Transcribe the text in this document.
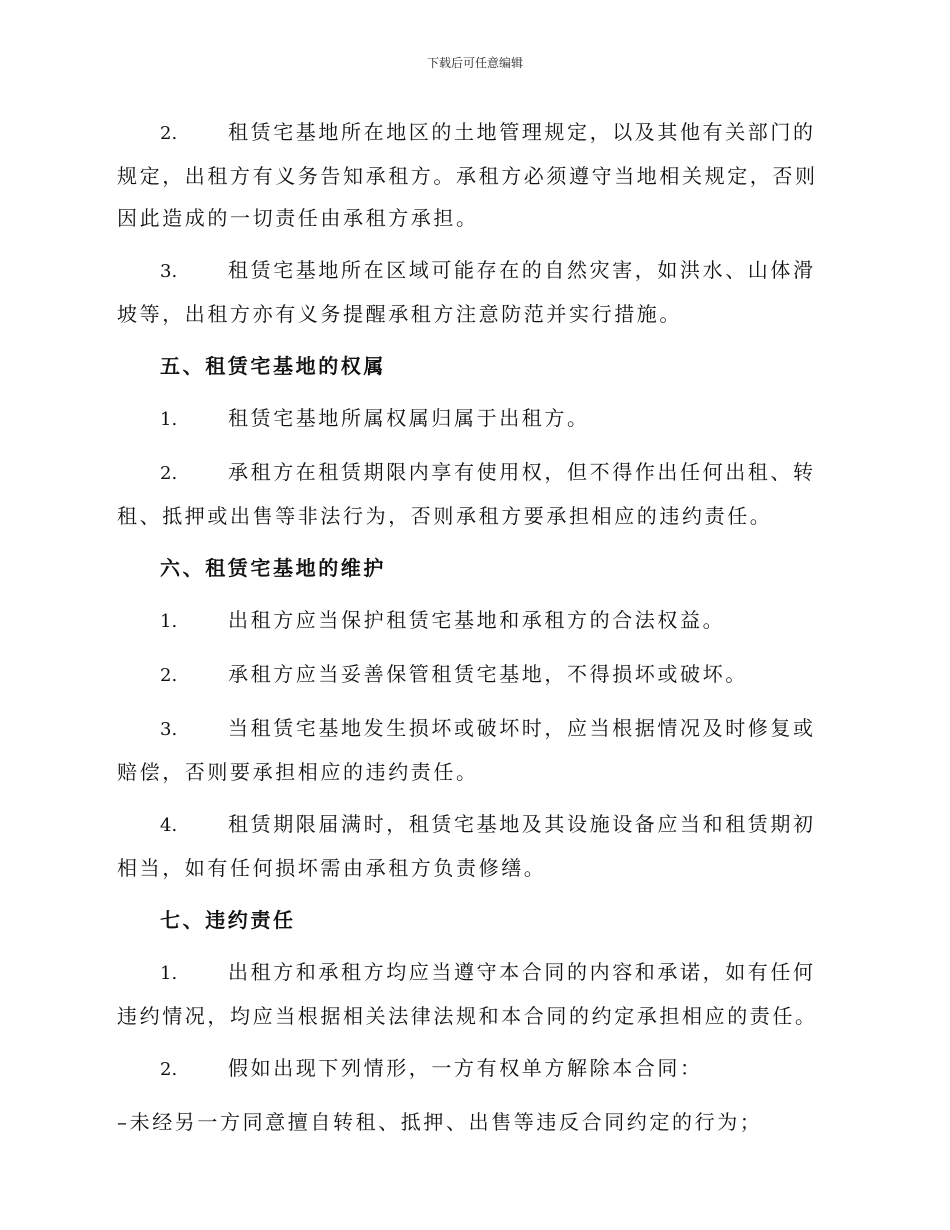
下载后可任意编辑

2.	租赁宅基地所在地区的土地管理规定，以及其他有关部门的规定，出租方有义务告知承租方。承租方必须遵守当地相关规定，否则因此造成的一切责任由承租方承担。

3.	租赁宅基地所在区域可能存在的自然灾害，如洪水、山体滑坡等，出租方亦有义务提醒承租方注意防范并实行措施。

五、租赁宅基地的权属

1.	租赁宅基地所属权属归属于出租方。

2.	承租方在租赁期限内享有使用权，但不得作出任何出租、转租、抵押或出售等非法行为，否则承租方要承担相应的违约责任。

六、租赁宅基地的维护

1.	出租方应当保护租赁宅基地和承租方的合法权益。

2.	承租方应当妥善保管租赁宅基地，不得损坏或破坏。

3.	当租赁宅基地发生损坏或破坏时，应当根据情况及时修复或赔偿，否则要承担相应的违约责任。

4.	租赁期限届满时，租赁宅基地及其设施设备应当和租赁期初相当，如有任何损坏需由承租方负责修缮。

七、违约责任

1.	出租方和承租方均应当遵守本合同的内容和承诺，如有任何违约情况，均应当根据相关法律法规和本合同的约定承担相应的责任。

2.	假如出现下列情形，一方有权单方解除本合同：

–未经另一方同意擅自转租、抵押、出售等违反合同约定的行为；
